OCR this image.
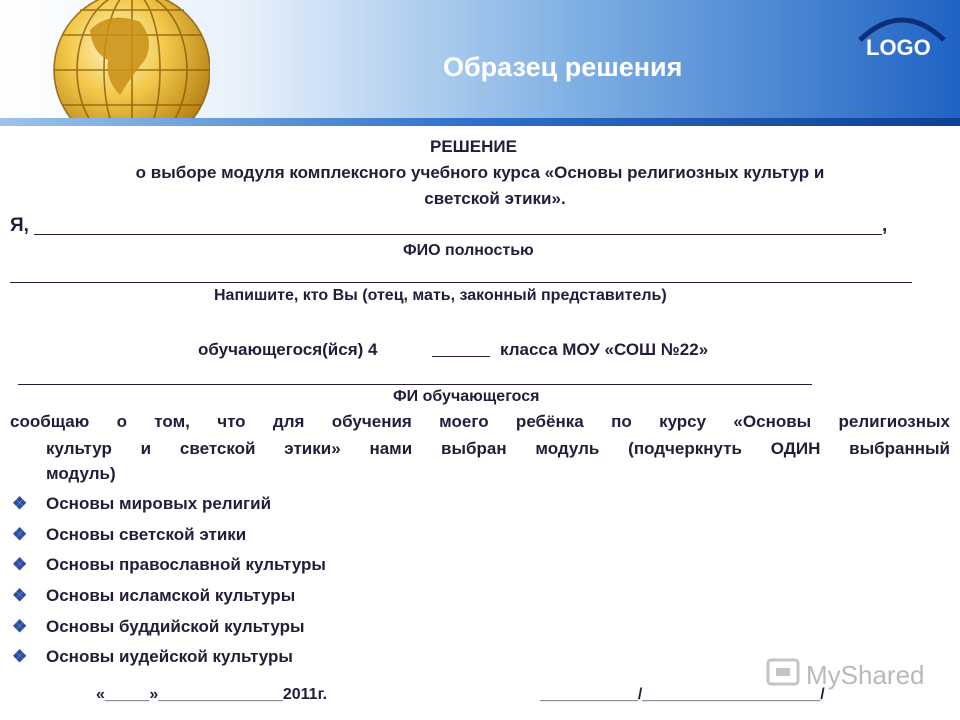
Образец решения
LOGO
РЕШЕНИЕ
о выборе модуля комплексного учебного курса «Основы религиозных культур и
светской этики».
Я,	,
ФИО полностью
Напишите, кто Вы (отец, мать, законный представитель)
обучающегося(йся) 4	класса МОУ «СОШ №22»
ФИ обучающегося
сообщаю о том, что для обучения моего ребёнка по курсу «Основы религиозных
культур и светской этики» нами выбран модуль (подчеркнуть ОДИН выбранный
модуль)
❖ Основы мировых религий
❖ Основы светской этики
❖ Основы православной культуры
❖ Основы исламской культуры
❖ Основы буддийской культуры
❖ Основы иудейской культуры
«_____»______________2011г.	___________/____________________/
MyShared
